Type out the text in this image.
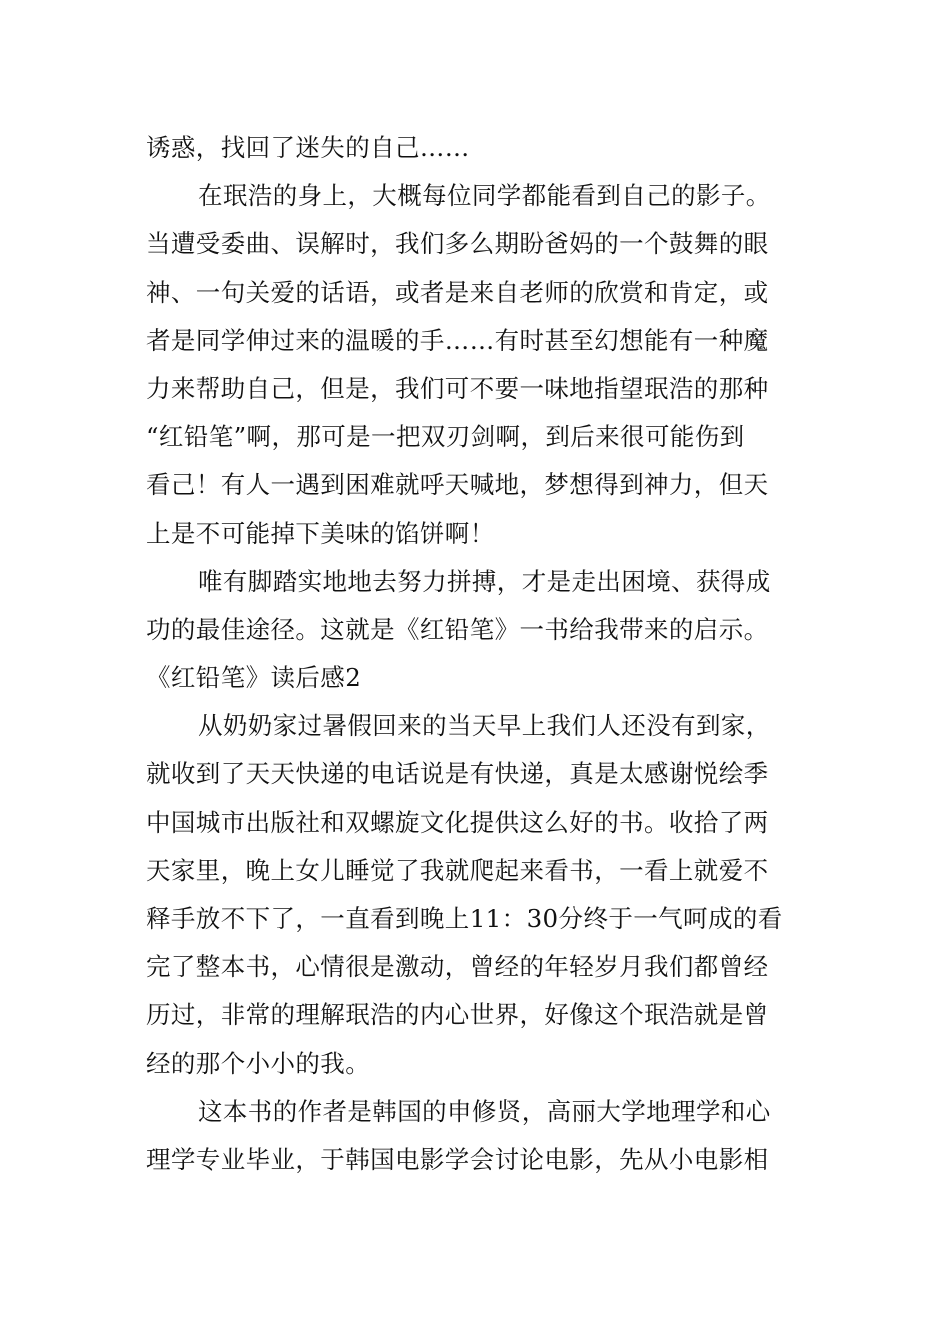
诱惑，找回了迷失的自己……
在珉浩的身上，大概每位同学都能看到自己的影子。
当遭受委曲、误解时，我们多么期盼爸妈的一个鼓舞的眼
神、一句关爱的话语，或者是来自老师的欣赏和肯定，或
者是同学伸过来的温暖的手……有时甚至幻想能有一种魔
力来帮助自己，但是，我们可不要一味地指望珉浩的那种
“红铅笔”啊，那可是一把双刃剑啊，到后来很可能伤到
看己！有人一遇到困难就呼天喊地，梦想得到神力，但天
上是不可能掉下美味的馅饼啊！
唯有脚踏实地地去努力拼搏，才是走出困境、获得成
功的最佳途径。这就是《红铅笔》一书给我带来的启示。
《红铅笔》读后感2
从奶奶家过暑假回来的当天早上我们人还没有到家，
就收到了天天快递的电话说是有快递，真是太感谢悦绘季
中国城市出版社和双螺旋文化提供这么好的书。收拾了两
天家里，晚上女儿睡觉了我就爬起来看书，一看上就爱不
释手放不下了，一直看到晚上11：30分终于一气呵成的看
完了整本书，心情很是激动，曾经的年轻岁月我们都曾经
历过，非常的理解珉浩的内心世界，好像这个珉浩就是曾
经的那个小小的我。
这本书的作者是韩国的申修贤，高丽大学地理学和心
理学专业毕业，于韩国电影学会讨论电影，先从小电影相
